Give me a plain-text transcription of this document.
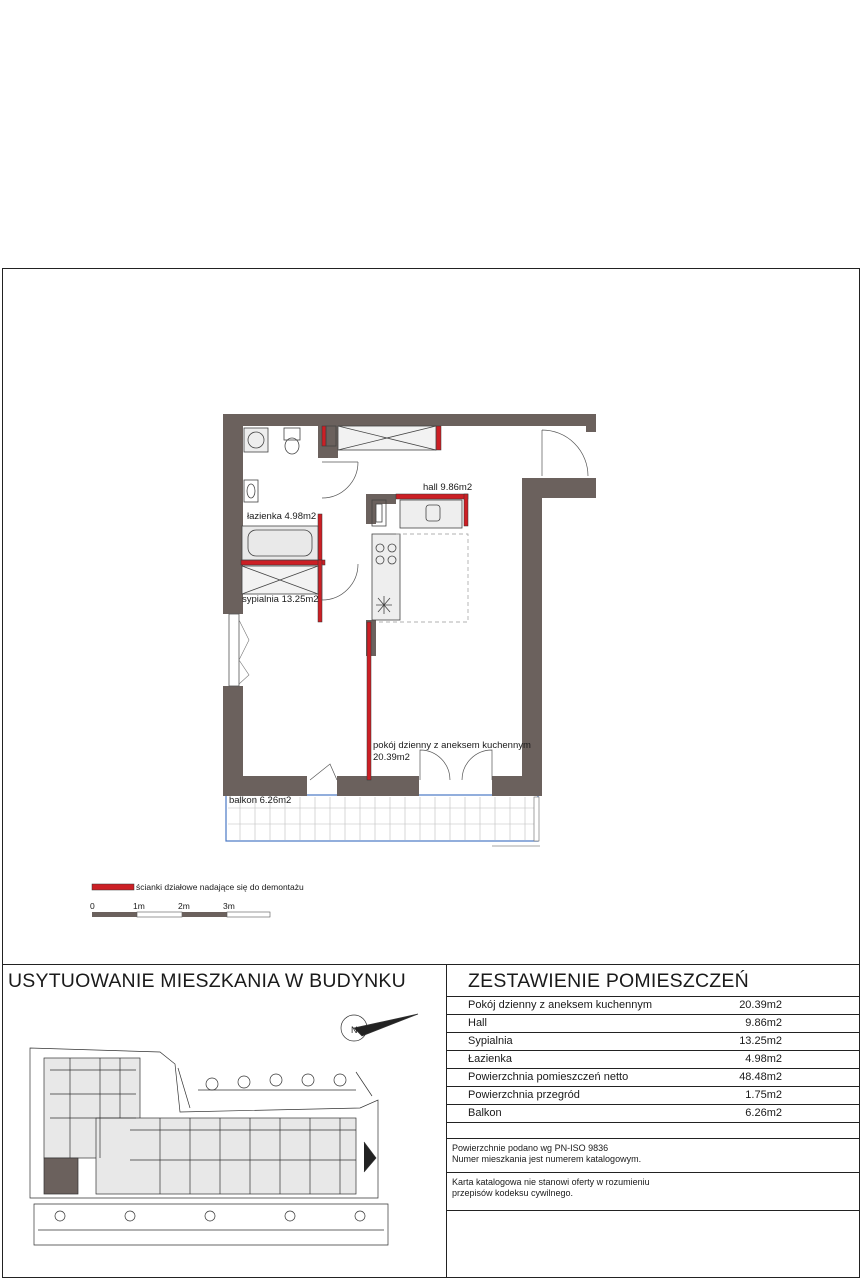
łazienka 4.98m2
hall 9.86m2
sypialnia 13.25m2
pokój dzienny z aneksem kuchennym
20.39m2
balkon 6.26m2
ścianki działowe nadające się do demontażu
0	1m	2m	3m
N
USYTUOWANIE MIESZKANIA W BUDYNKU	ZESTAWIENIE POMIESZCZEŃ
Pokój dzienny z aneksem kuchennym	20.39m2
Hall	9.86m2
Sypialnia	13.25m2
Łazienka	4.98m2
Powierzchnia pomieszczeń netto	48.48m2
Powierzchnia przegród	1.75m2
Balkon	6.26m2
Powierzchnie podano wg PN-ISO 9836
Numer mieszkania jest numerem katalogowym.
Karta katalogowa nie stanowi oferty w rozumieniu
przepisów kodeksu cywilnego.
